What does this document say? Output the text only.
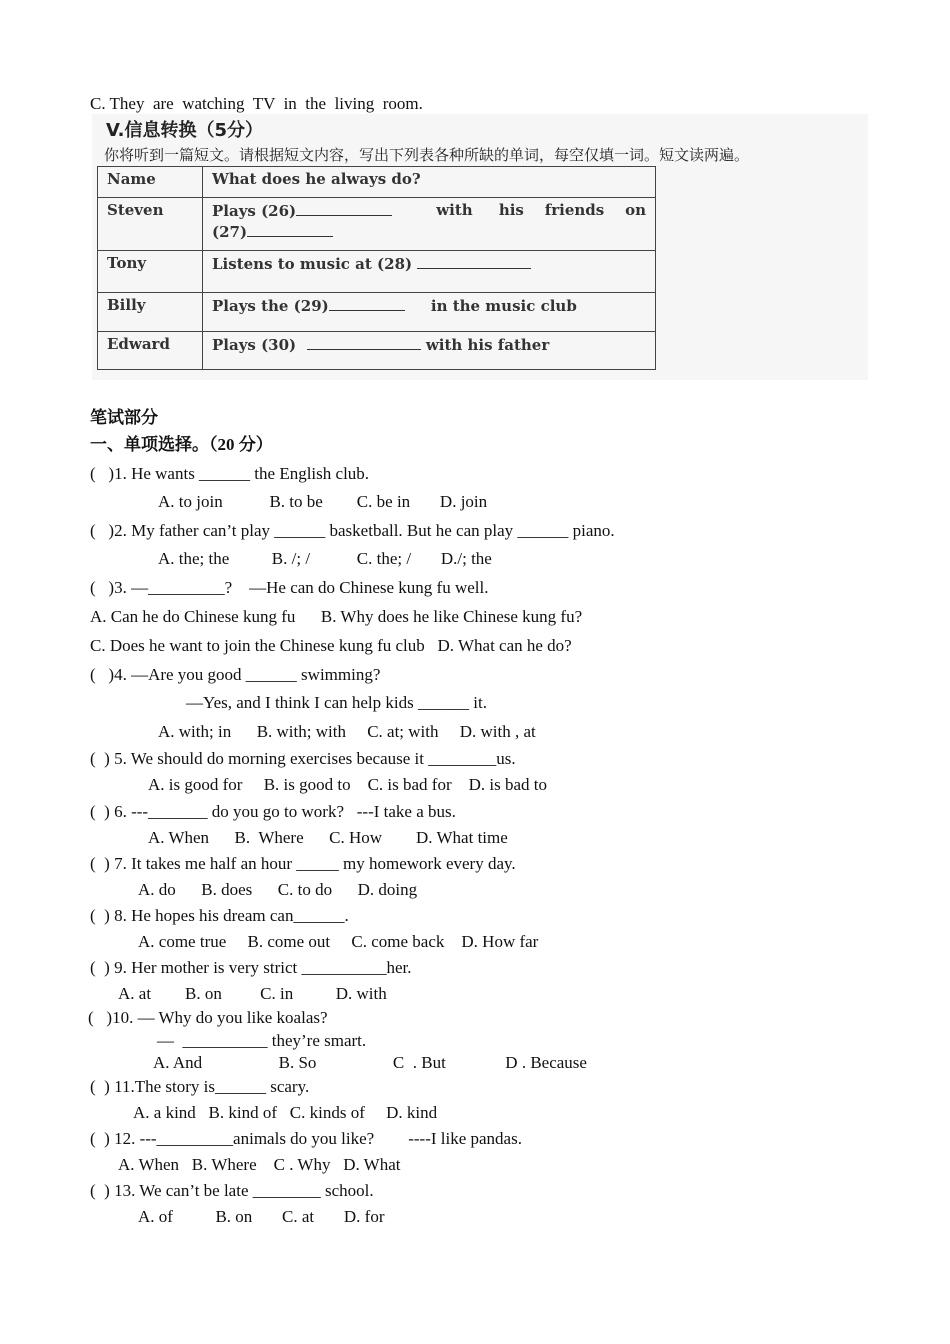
C. They  are  watching  TV  in  the  living  room.
V.信息转换（5分）
你将听到一篇短文。请根据短文内容，写出下列表各种所缺的单词，每空仅填一词。短文读两遍。
Name	What does he always do?
Steven	Plays (26) with     his    friends    on
(27)

Tony	Listens to music at (28)
Billy	Plays the (29) in the music club
Edward	Plays (30) with his father
笔试部分
一、单项选择。（20 分）
(   )1. He wants ______ the English club.
A. to join           B. to be        C. be in       D. join
(   )2. My father can’t play ______ basketball. But he can play ______ piano.
A. the; the          B. /; /           C. the; /       D./; the
(   )3. —_________?    —He can do Chinese kung fu well.
A. Can he do Chinese kung fu      B. Why does he like Chinese kung fu?
C. Does he want to join the Chinese kung fu club   D. What can he do?
(   )4. —Are you good ______ swimming?
—Yes, and I think I can help kids ______ it.
A. with; in      B. with; with     C. at; with     D. with , at
(  ) 5. We should do morning exercises because it ________us.
A. is good for     B. is good to    C. is bad for    D. is bad to
(  ) 6. ---_______ do you go to work?   ---I take a bus.
A. When      B.  Where      C. How        D. What time
(  ) 7. It takes me half an hour _____ my homework every day.
A. do      B. does      C. to do      D. doing
(  ) 8. He hopes his dream can______.
A. come true     B. come out     C. come back    D. How far
(  ) 9. Her mother is very strict __________her.
A. at        B. on         C. in          D. with
(   )10. — Why do you like koalas?
—  __________ they’re smart.
A. And                  B. So                  C  . But              D . Because
(  ) 11.The story is______ scary.
A. a kind   B. kind of   C. kinds of     D. kind
(  ) 12. ---_________animals do you like?        ----I like pandas.
A. When   B. Where    C . Why   D. What
(  ) 13. We can’t be late ________ school.
A. of          B. on       C. at       D. for
